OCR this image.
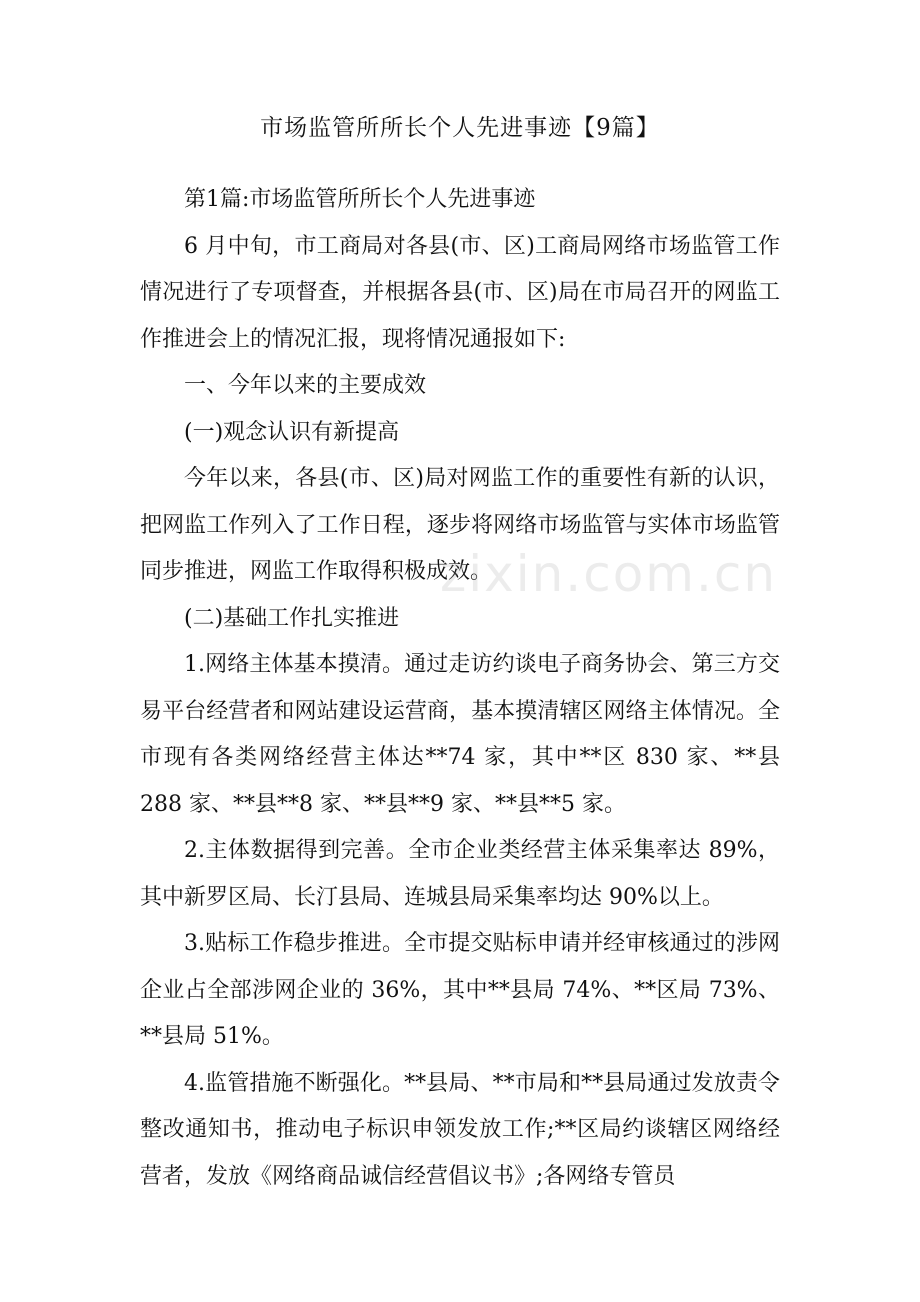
市场监管所所长个人先进事迹【9篇】

第1篇:市场监管所所长个人先进事迹

6 月中旬，市工商局对各县(市、区)工商局网络市场监管工作情况进行了专项督查，并根据各县(市、区)局在市局召开的网监工作推进会上的情况汇报，现将情况通报如下:

一、今年以来的主要成效

(一)观念认识有新提高

今年以来，各县(市、区)局对网监工作的重要性有新的认识，把网监工作列入了工作日程，逐步将网络市场监管与实体市场监管同步推进，网监工作取得积极成效。

(二)基础工作扎实推进

1.网络主体基本摸清。通过走访约谈电子商务协会、第三方交易平台经营者和网站建设运营商，基本摸清辖区网络主体情况。全市现有各类网络经营主体达**74 家，其中**区 830 家、**县 288 家、**县**8 家、**县**9 家、**县**5 家。

2.主体数据得到完善。全市企业类经营主体采集率达 89%，其中新罗区局、长汀县局、连城县局采集率均达 90%以上。

3.贴标工作稳步推进。全市提交贴标申请并经审核通过的涉网企业占全部涉网企业的 36%，其中**县局 74%、**区局 73%、**县局 51%。

4.监管措施不断强化。**县局、**市局和**县局通过发放责令整改通知书，推动电子标识申领发放工作;**区局约谈辖区网络经营者，发放《网络商品诚信经营倡议书》;各网络专管员

zixin.com.cn
